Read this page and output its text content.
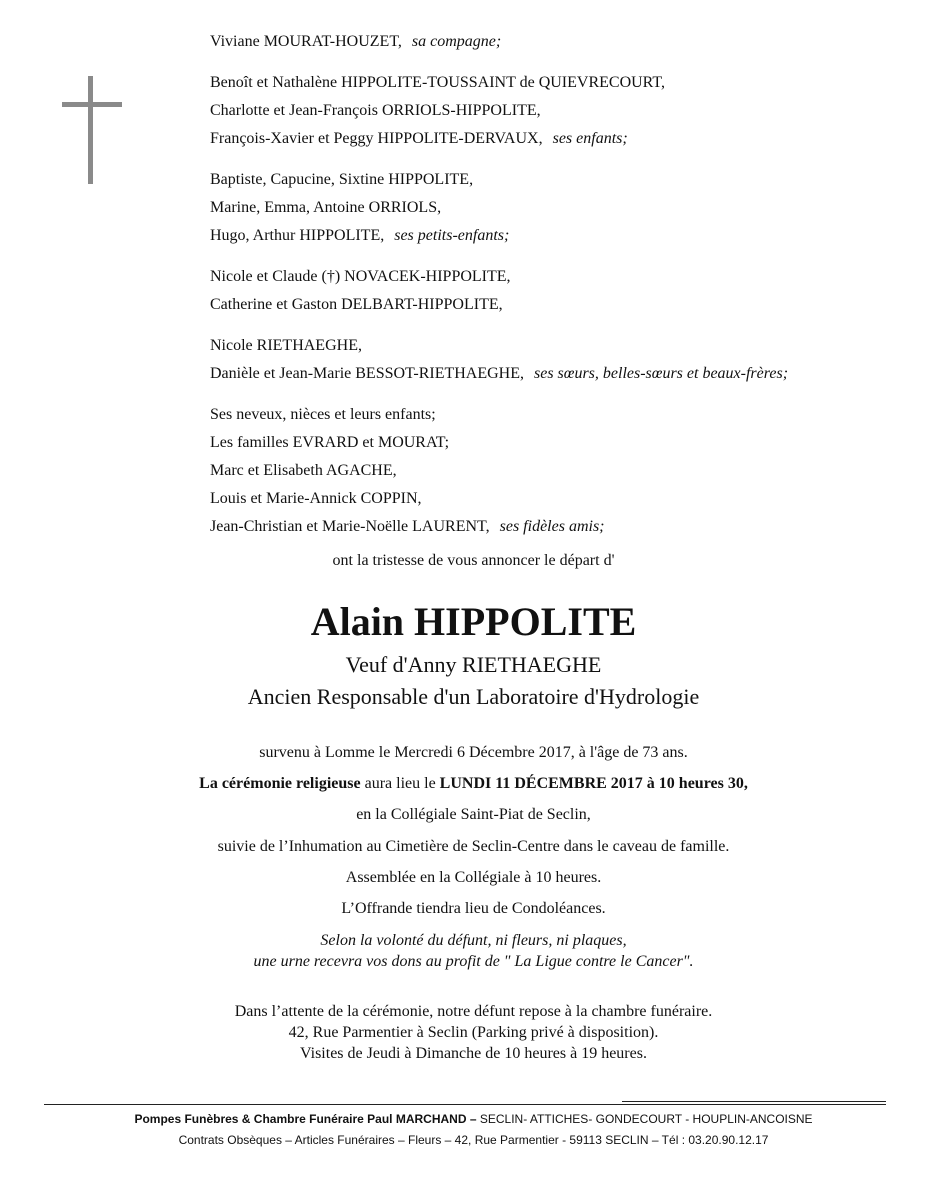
Viviane MOURAT-HOUZET, sa compagne;
Benoît et Nathalène HIPPOLITE-TOUSSAINT de QUIEVRECOURT,
Charlotte et Jean-François ORRIOLS-HIPPOLITE,
François-Xavier et Peggy HIPPOLITE-DERVAUX, ses enfants;
Baptiste, Capucine, Sixtine HIPPOLITE,
Marine, Emma, Antoine ORRIOLS,
Hugo, Arthur HIPPOLITE, ses petits-enfants;
Nicole et Claude (†) NOVACEK-HIPPOLITE,
Catherine et Gaston DELBART-HIPPOLITE,
Nicole RIETHAEGHE,
Danièle et Jean-Marie BESSOT-RIETHAEGHE, ses sœurs, belles-sœurs et beaux-frères;
Ses neveux, nièces et leurs enfants;
Les familles EVRARD et MOURAT;
Marc et Elisabeth AGACHE,
Louis et Marie-Annick COPPIN,
Jean-Christian et Marie-Noëlle LAURENT, ses fidèles amis;
ont la tristesse de vous annoncer le départ d'
Alain HIPPOLITE
Veuf d'Anny RIETHAEGHE
Ancien Responsable d'un Laboratoire d'Hydrologie
survenu à Lomme le Mercredi 6 Décembre 2017, à l'âge de 73 ans.
La cérémonie religieuse aura lieu le LUNDI 11 DÉCEMBRE 2017 à 10 heures 30,
en la Collégiale Saint-Piat de Seclin,
suivie de l’Inhumation au Cimetière de Seclin-Centre dans le caveau de famille.
Assemblée en la Collégiale à 10 heures.
L’Offrande tiendra lieu de Condoléances.
Selon la volonté du défunt, ni fleurs, ni plaques,
une urne recevra vos dons au profit de " La Ligue contre le Cancer".
Dans l’attente de la cérémonie, notre défunt repose à la chambre funéraire.
42, Rue Parmentier à Seclin (Parking privé à disposition).
Visites de Jeudi à Dimanche de 10 heures à 19 heures.
Pompes Funèbres & Chambre Funéraire Paul MARCHAND – SECLIN- ATTICHES- GONDECOURT - HOUPLIN-ANCOISNE
Contrats Obsèques – Articles Funéraires – Fleurs – 42, Rue Parmentier - 59113 SECLIN – Tél : 03.20.90.12.17
